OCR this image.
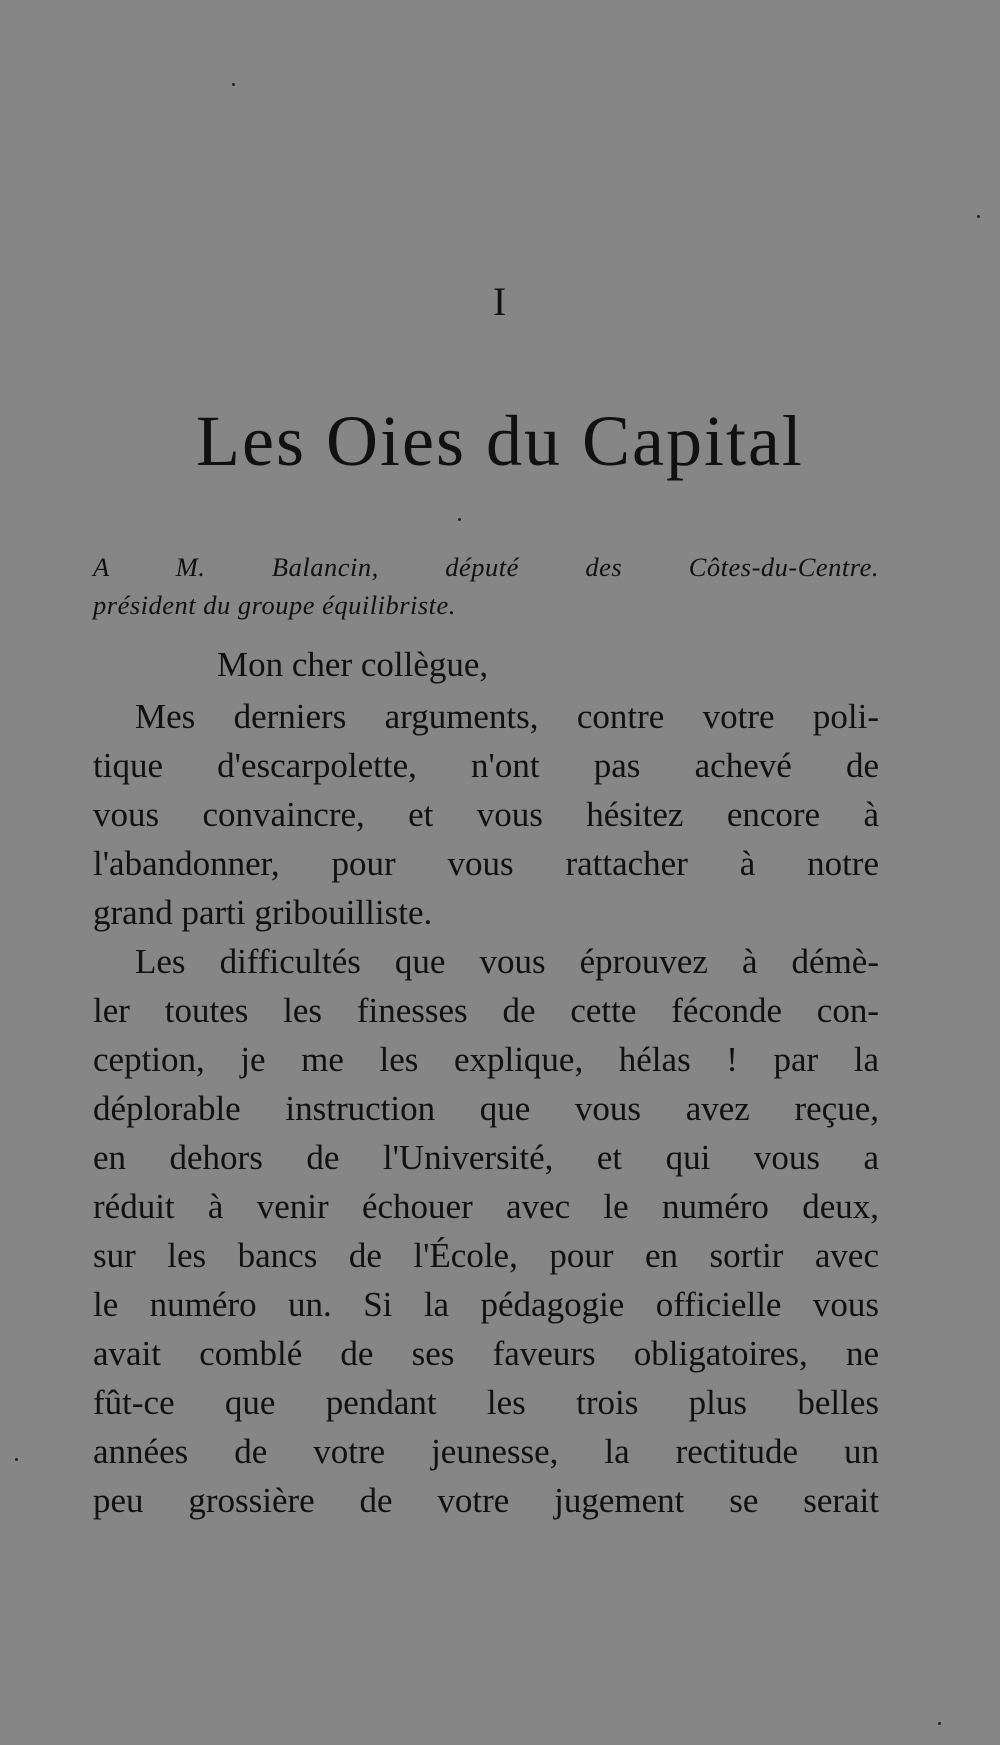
I
Les Oies du Capital
A M. Balancin, député des Côtes-du-Centre.
président du groupe équilibriste.
Mon cher collègue,
Mes derniers arguments, contre votre poli-
tique d'escarpolette, n'ont pas achevé de
vous convaincre, et vous hésitez encore à
l'abandonner, pour vous rattacher à notre
grand parti gribouilliste.
Les difficultés que vous éprouvez à démè-
ler toutes les finesses de cette féconde con-
ception, je me les explique, hélas ! par la
déplorable instruction que vous avez reçue,
en dehors de l'Université, et qui vous a
réduit à venir échouer avec le numéro deux,
sur les bancs de l'École, pour en sortir avec
le numéro un. Si la pédagogie officielle vous
avait comblé de ses faveurs obligatoires, ne
fût-ce que pendant les trois plus belles
années de votre jeunesse, la rectitude un
peu grossière de votre jugement se serait
